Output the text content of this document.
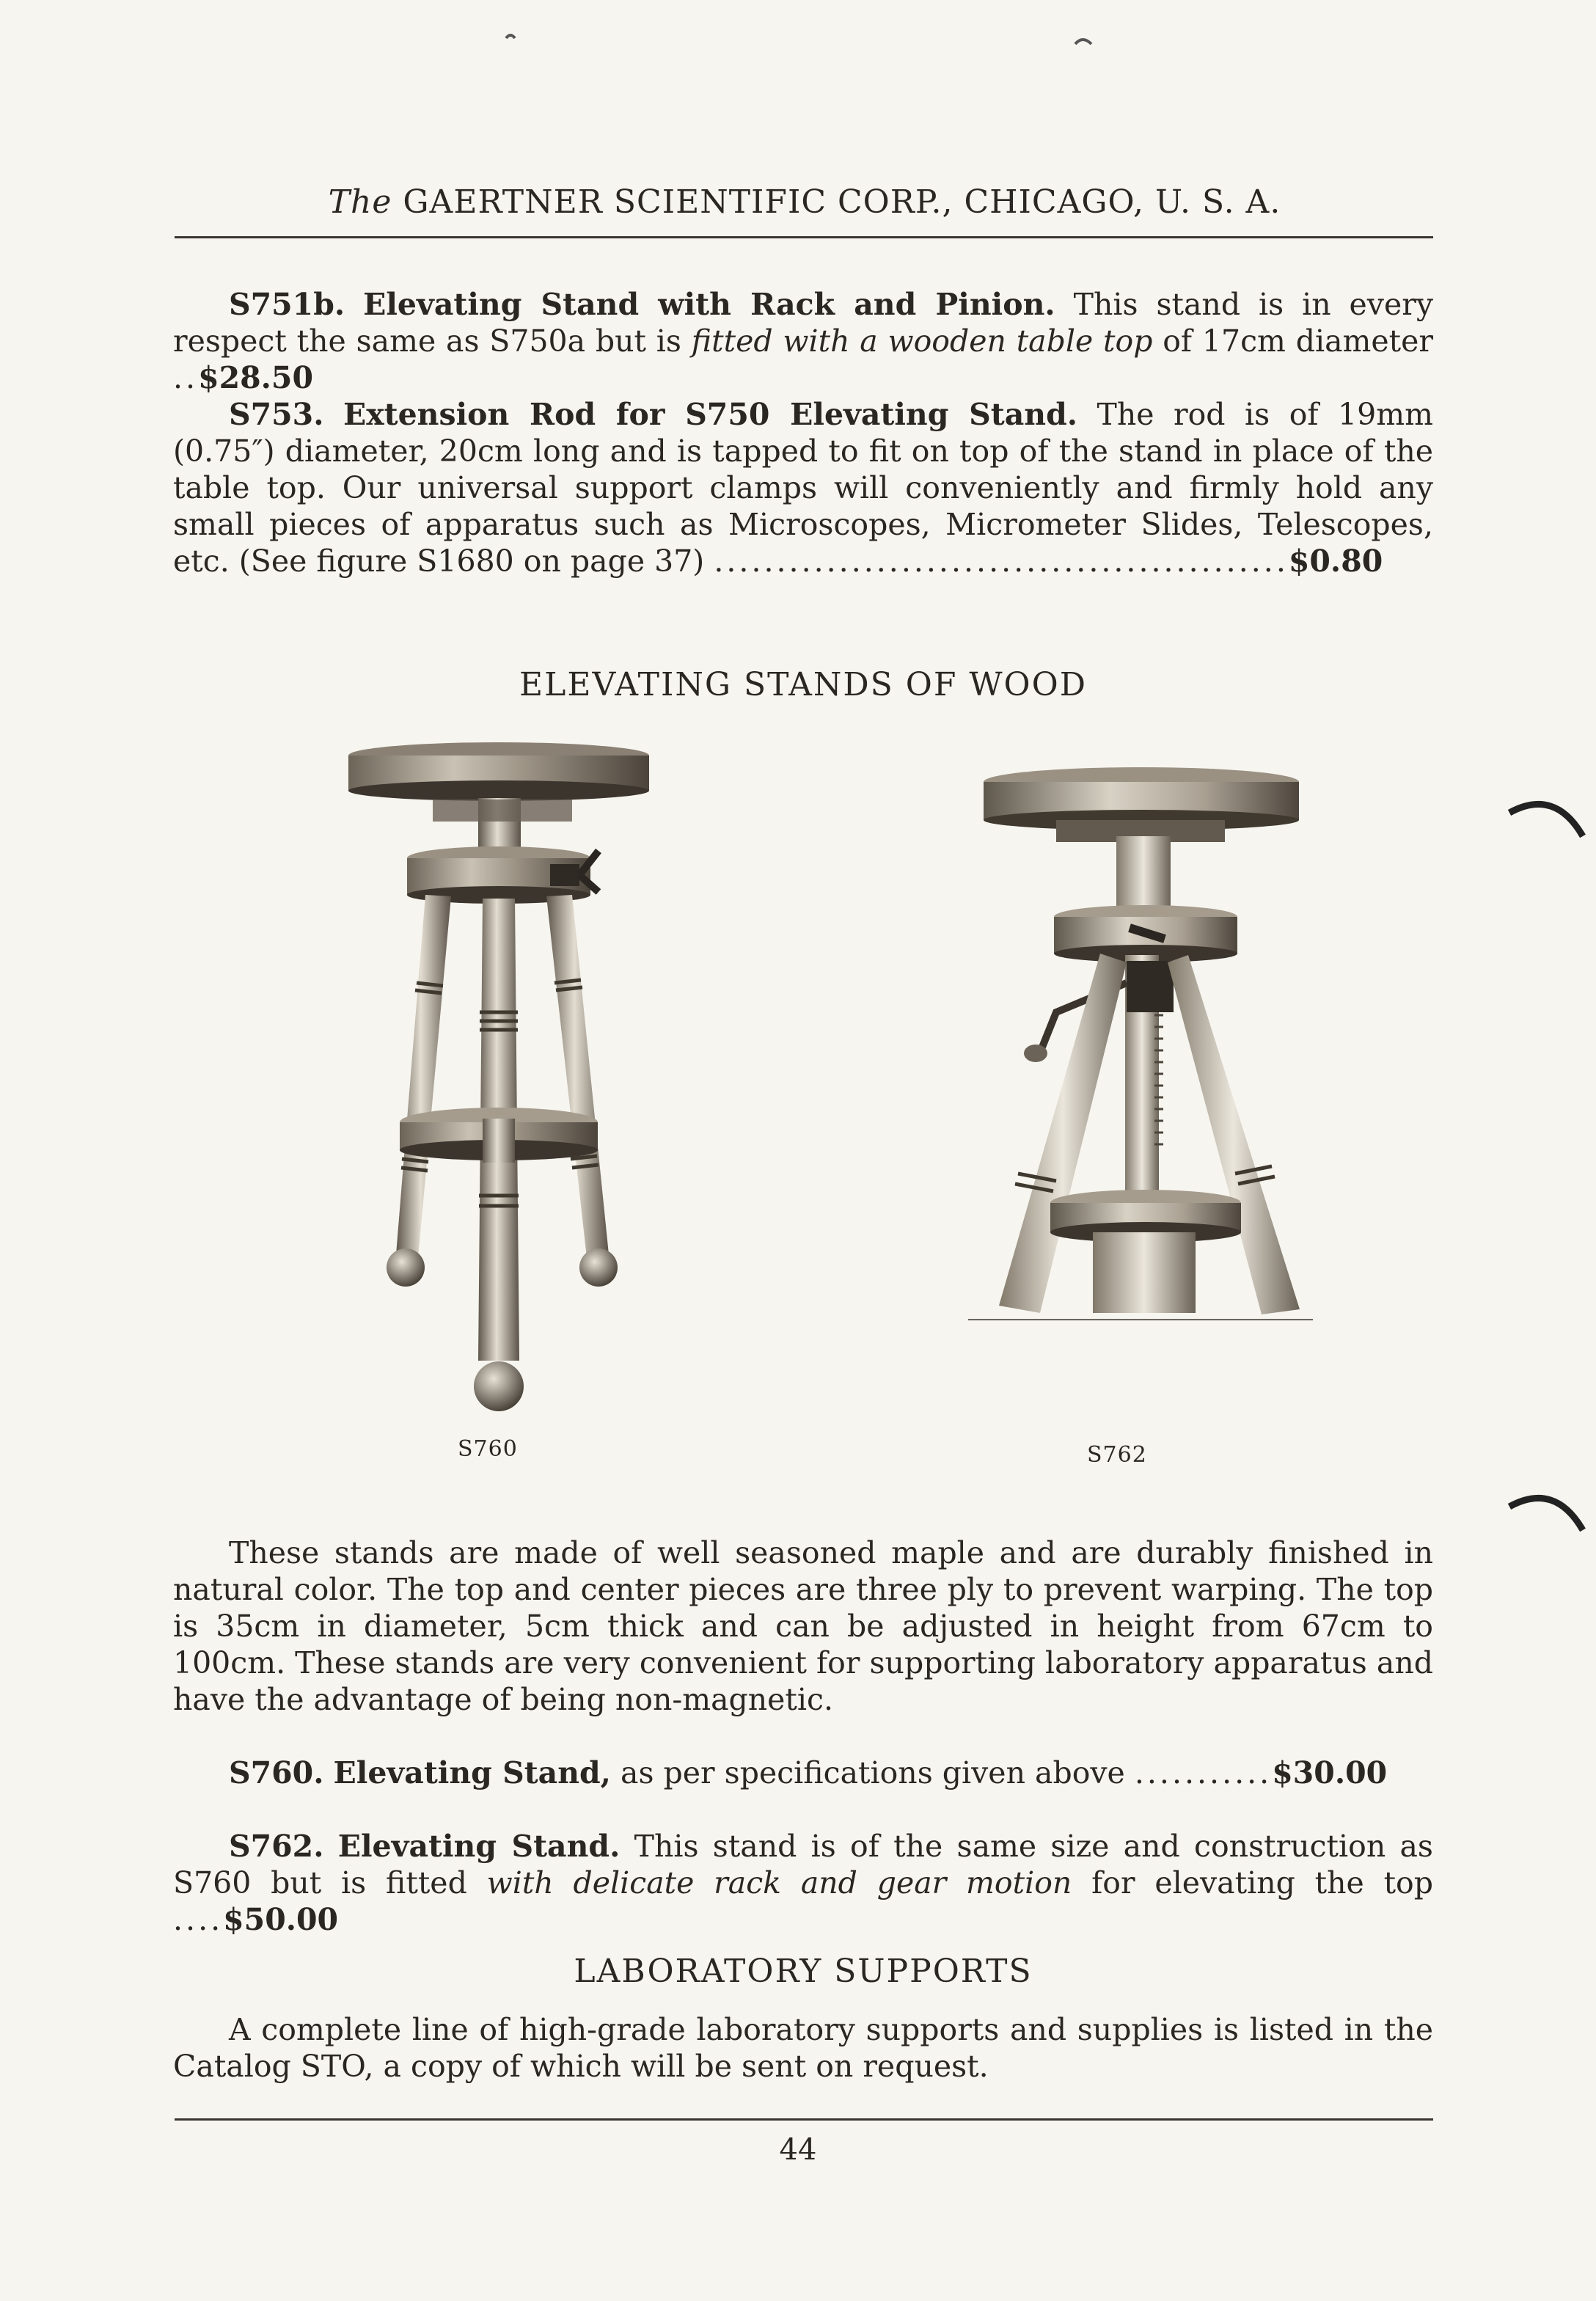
The GAERTNER SCIENTIFIC CORP., CHICAGO, U. S. A.
S751b. Elevating Stand with Rack and Pinion. This stand is in every respect the same as S750a but is fitted with a wooden table top of 17cm diameter ..$28.50
S753. Extension Rod for S750 Elevating Stand. The rod is of 19mm (0.75″) diameter, 20cm long and is tapped to fit on top of the stand in place of the table top. Our universal support clamps will conveniently and firmly hold any small pieces of apparatus such as Microscopes, Micrometer Slides, Telescopes, etc. (See figure S1680 on page 37) ..............................................$0.80
ELEVATING STANDS OF WOOD
S760	S762
These stands are made of well seasoned maple and are durably finished in natural color. The top and center pieces are three ply to prevent warping. The top is 35cm in diameter, 5cm thick and can be adjusted in height from 67cm to 100cm. These stands are very convenient for supporting laboratory apparatus and have the advantage of being non-magnetic.
S760. Elevating Stand, as per specifications given above ...........$30.00
S762. Elevating Stand. This stand is of the same size and construction as S760 but is fitted with delicate rack and gear motion for elevating the top ....$50.00
LABORATORY SUPPORTS
A complete line of high-grade laboratory supports and supplies is listed in the Catalog STO, a copy of which will be sent on request.
44
